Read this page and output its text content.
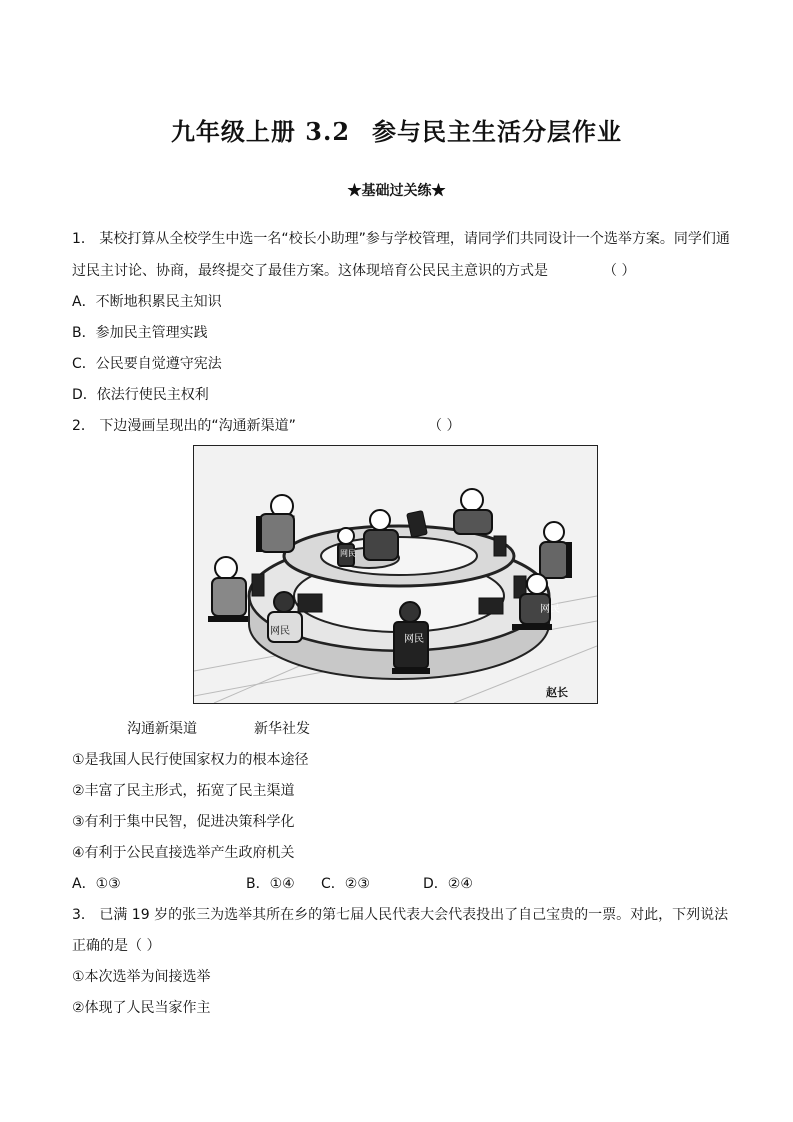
九年级上册 3.2 参与民主生活分层作业
★基础过关练★
1． 某校打算从全校学生中选一名“校长小助理”参与学校管理，请同学们共同设计一个选举方案。同学们通
过民主讨论、协商，最终提交了最佳方案。这体现培育公民民主意识的方式是	（ ）
A．不断地积累民主知识
B．参加民主管理实践
C．公民要自觉遵守宪法
D．依法行使民主权利
2． 下边漫画呈现出的“沟通新渠道”	（ ）
网民
网民
网民
网民
赵长
沟通新渠道	新华社发
①是我国人民行使国家权力的根本途径
②丰富了民主形式，拓宽了民主渠道
③有利于集中民智，促进决策科学化
④有利于公民直接选举产生政府机关
A．①③	B．①④ C．②③	D．②④
3． 已满 19 岁的张三为选举其所在乡的第七届人民代表大会代表投出了自己宝贵的一票。对此，下列说法
正确的是（ ）
①本次选举为间接选举
②体现了人民当家作主
